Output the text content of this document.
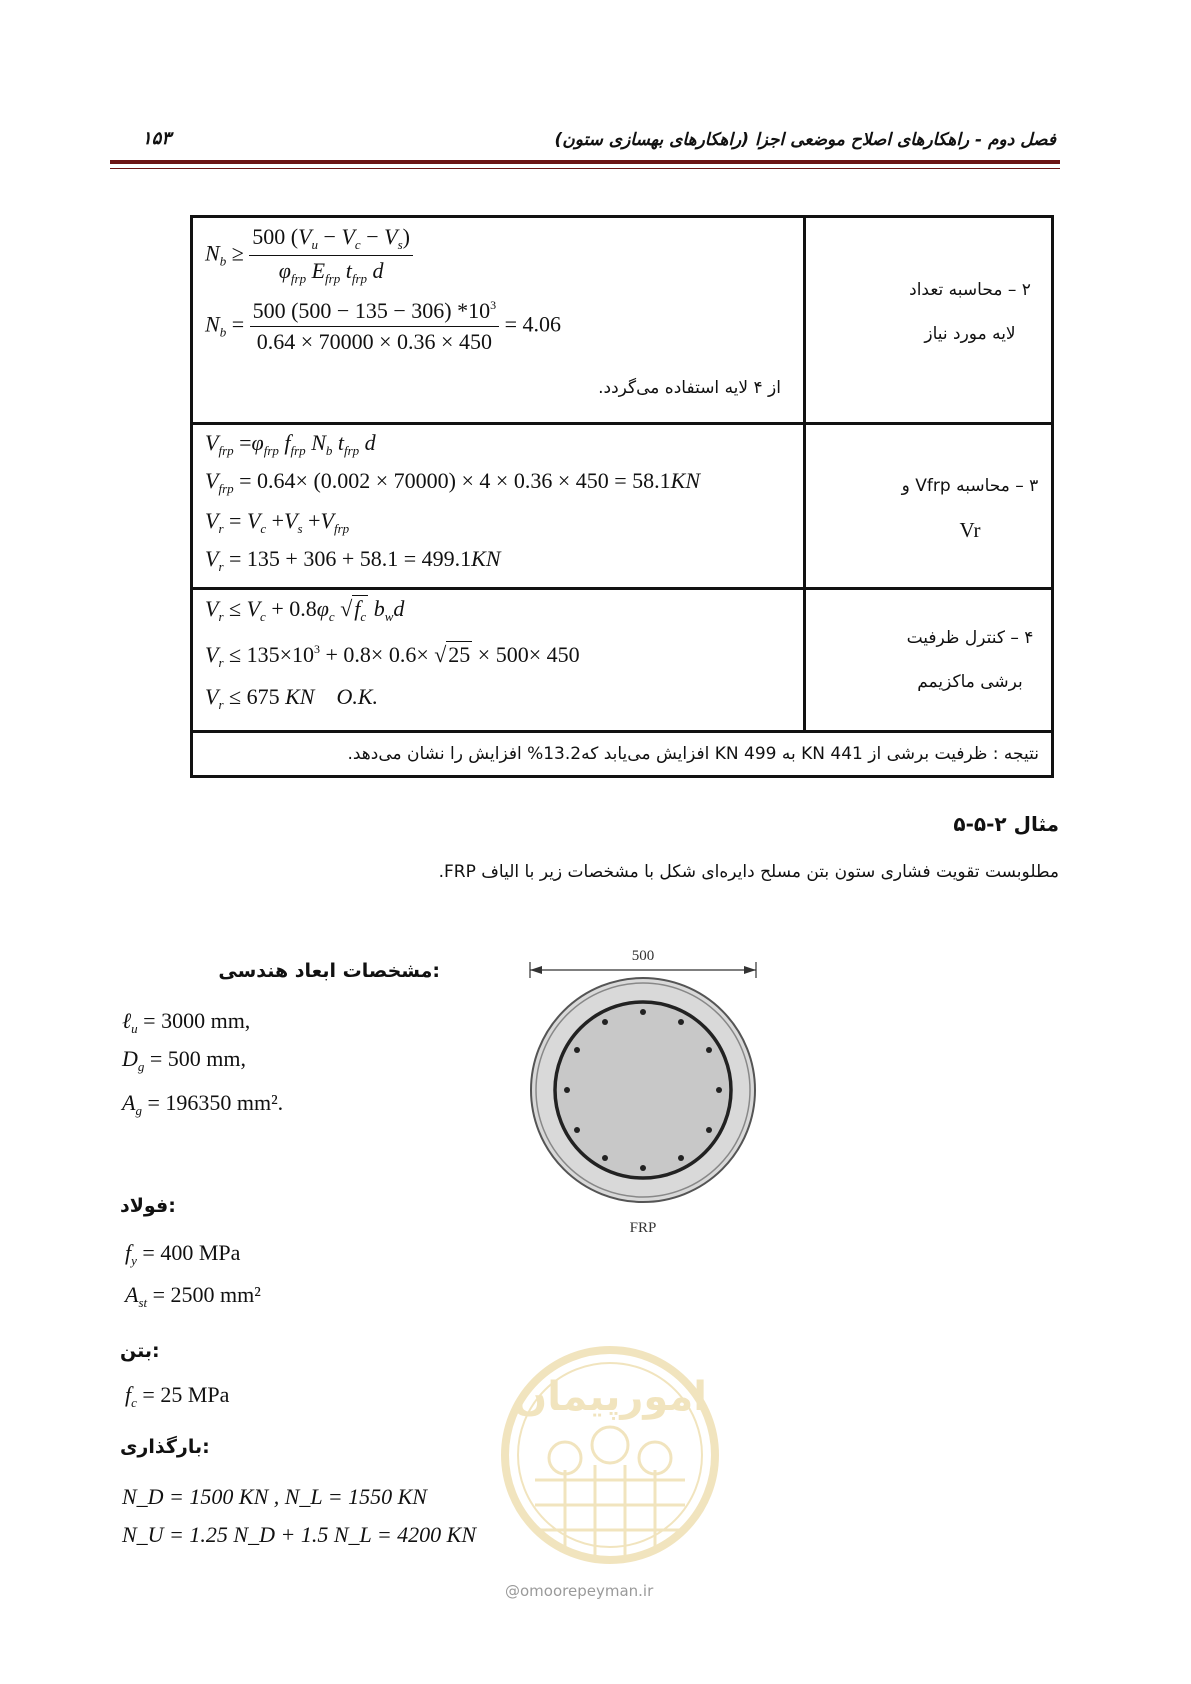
فصل دوم - راهکارهای اصلاح موضعی اجزا (راهکارهای بهسازی ستون)
۱۵۳
$N_b \ge \frac{500 (V_u - V_c - V_s)}{\varphi_{frp} E_{frp} t_{frp} d}$
$N_b = \frac{500 (500 - 135 - 306) *10^3}{0.64 \times 70000 \times 0.36 \times 450} = 4.06$
از ۴ لایه استفاده می‌گردد.
۲ – محاسبه تعداد
لایه مورد نیاز
$V_{frp} =\varphi_{frp}$ $f_{frp}$ $N_b$ $t_{frp}$ d
$V_{frp} = 0.64\times (0.002 \times 70000) \times 4 \times 0.36 \times 450 = 58.1KN$
$V_r = V_c +V_s +V_{frp}$
$V_r = 135 + 306 + 58.1 = 499.1KN$
۳ – محاسبه Vfrp و
Vr
$V_r \le V_c + 0.8\varphi_c$ $√f_c$ $b_wd$
$V_r \le 135\times 10^3 + 0.8\times 0.6\times √25 \times 500\times 450$
$V_r \le 675$ KN    O.K.
۴ – کنترل ظرفیت
برشی ماکزیمم
نتیجه : ظرفیت برشی از 441 KN به 499 KN افزایش می‌یابد که13.2% افزایش را نشان می‌دهد.
مثال ۲-۵-۵
مطلوبست تقویت فشاری ستون بتن مسلح دایره‌ای شکل با مشخصات زیر با الیاف FRP.
:مشخصات ابعاد هندسی
ℓ$_u$ = 3000 mm,
$D_g = 500$ mm,
$A_g = 196350$ mm².
:فولاد
$f_y = 400$ MPa
$A_{st} = 2500$ mm²
:بتن
$f_c = 25$ MPa
:بارگذاری
N_D = 1500 KN , N_L = 1550 KN
N_U = 1.25 N_D + 1.5 N_L = 4200 KN
500
FRP
امورپیمان
@omoorepeyman.ir
